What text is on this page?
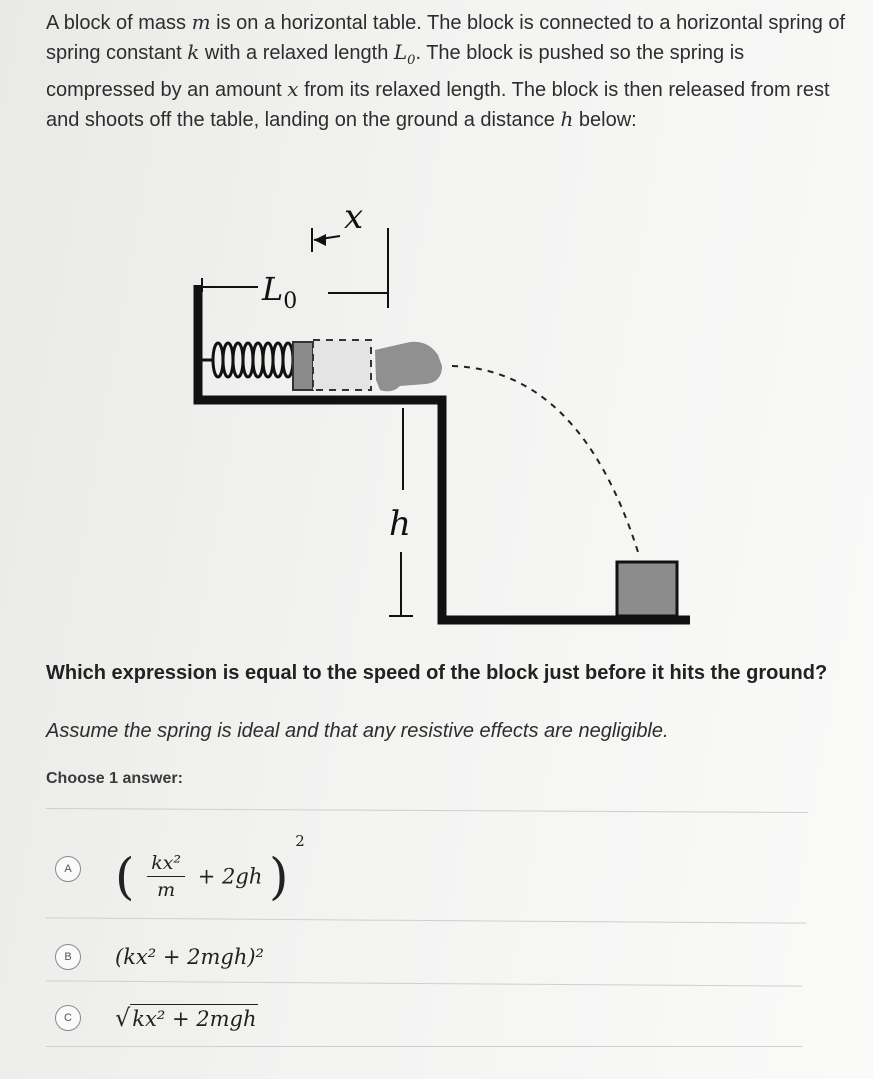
A block of mass m is on a horizontal table. The block is connected to a horizontal spring of spring constant k with a relaxed length $L_0$. The block is pushed so the spring is compressed by an amount x from its relaxed length. The block is then released from rest and shoots off the table, landing on the ground a distance h below:
$L_0$
x
h
Which expression is equal to the speed of the block just before it hits the ground?
Assume the spring is ideal and that any resistive effects are negligible.
Choose 1 answer:
A ( $\frac{\text{kx²}}{m} + 2gh$ ) $^2$
B	(kx² + 2mgh)²
C	√kx² + 2mgh
